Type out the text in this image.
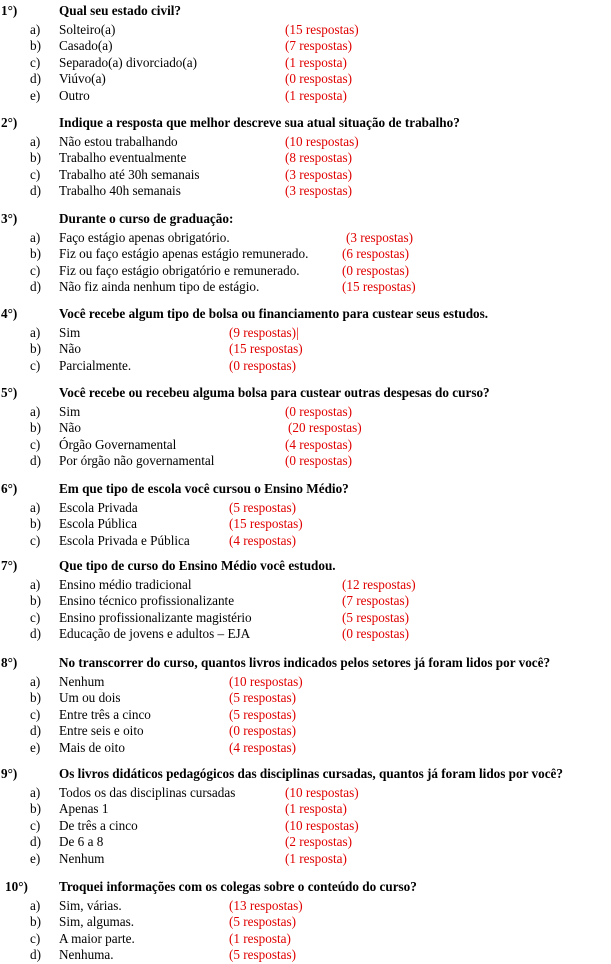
1°)	Qual seu estado civil?
a) Solteiro(a)	(15 respostas)
b) Casado(a)	(7 respostas)
c) Separado(a) divorciado(a)	(1 resposta)
d) Viúvo(a)	(0 respostas)
e) Outro	(1 resposta)
2°)	Indique a resposta que melhor descreve sua atual situação de trabalho?
a) Não estou trabalhando	(10 respostas)
b) Trabalho eventualmente	(8 respostas)
c) Trabalho até 30h semanais	(3 respostas)
d) Trabalho 40h semanais	(3 respostas)
3°)	Durante o curso de graduação:
a) Faço estágio apenas obrigatório.	(3 respostas)
b) Fiz ou faço estágio apenas estágio remunerado.	(6 respostas)
c) Fiz ou faço estágio obrigatório e remunerado.	(0 respostas)
d) Não fiz ainda nenhum tipo de estágio.	(15 respostas)
4°)	Você recebe algum tipo de bolsa ou financiamento para custear seus estudos.
a) Sim	(9 respostas)|
b) Não	(15 respostas)
c) Parcialmente.	(0 respostas)
5°)	Você recebe ou recebeu alguma bolsa para custear outras despesas do curso?
a) Sim	(0 respostas)
b) Não	(20 respostas)
c) Órgão Governamental	(4 respostas)
d) Por órgão não governamental	(0 respostas)
6°)	Em que tipo de escola você cursou o Ensino Médio?
a) Escola Privada	(5 respostas)
b) Escola Pública	(15 respostas)
c) Escola Privada e Pública	(4 respostas)
7°)	Que tipo de curso do Ensino Médio você estudou.
a) Ensino médio tradicional	(12 respostas)
b) Ensino técnico profissionalizante	(7 respostas)
c) Ensino profissionalizante magistério	(5 respostas)
d) Educação de jovens e adultos – EJA	(0 respostas)
8°)	No transcorrer do curso, quantos livros indicados pelos setores já foram lidos por você?
a) Nenhum	(10 respostas)
b) Um ou dois	(5 respostas)
c) Entre três a cinco	(5 respostas)
d) Entre seis e oito	(0 respostas)
e) Mais de oito	(4 respostas)
9°)	Os livros didáticos pedagógicos das disciplinas cursadas, quantos já foram lidos por você?
a) Todos os das disciplinas cursadas	(10 respostas)
b) Apenas 1	(1 resposta)
c) De três a cinco	(10 respostas)
d) De 6 a 8	(2 respostas)
e) Nenhum	(1 resposta)
10°) Troquei informações com os colegas sobre o conteúdo do curso?
a) Sim, várias.	(13 respostas)
b) Sim, algumas.	(5 respostas)
c) A maior parte.	(1 resposta)
d) Nenhuma.	(5 respostas)
